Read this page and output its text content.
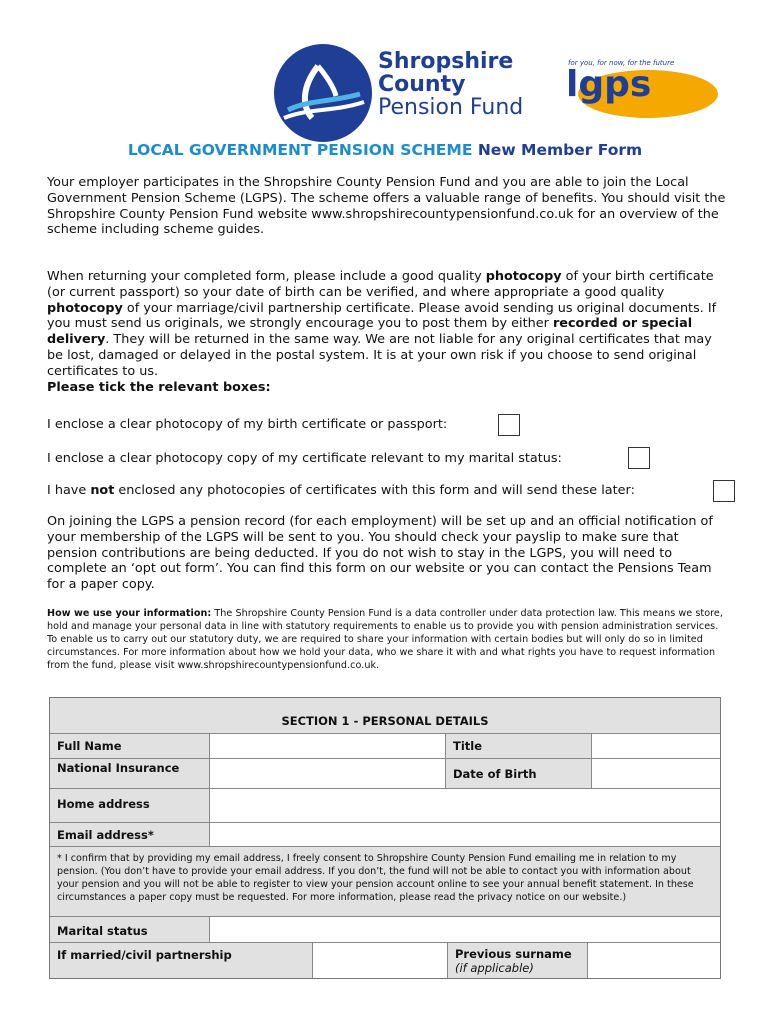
Shropshire
County
Pension Fund
lgps
for you, for now, for the future
LOCAL GOVERNMENT PENSION SCHEME New Member Form
Your employer participates in the Shropshire County Pension Fund and you are able to join the Local Government Pension Scheme (LGPS). The scheme offers a valuable range of benefits. You should visit the Shropshire County Pension Fund website www.shropshirecountypensionfund.co.uk for an overview of the scheme including scheme guides.
When returning your completed form, please include a good quality photocopy of your birth certificate (or current passport) so your date of birth can be verified, and where appropriate a good quality photocopy of your marriage/civil partnership certificate. Please avoid sending us original documents. If you must send us originals, we strongly encourage you to post them by either recorded or special delivery. They will be returned in the same way. We are not liable for any original certificates that may be lost, damaged or delayed in the postal system. It is at your own risk if you choose to send original certificates to us.
Please tick the relevant boxes:
I enclose a clear photocopy of my birth certificate or passport:
I enclose a clear photocopy copy of my certificate relevant to my marital status:
I have not enclosed any photocopies of certificates with this form and will send these later:
On joining the LGPS a pension record (for each employment) will be set up and an official notification of your membership of the LGPS will be sent to you. You should check your payslip to make sure that pension contributions are being deducted. If you do not wish to stay in the LGPS, you will need to complete an ‘opt out form’. You can find this form on our website or you can contact the Pensions Team for a paper copy.
How we use your information: The Shropshire County Pension Fund is a data controller under data protection law. This means we store, hold and manage your personal data in line with statutory requirements to enable us to provide you with pension administration services. To enable us to carry out our statutory duty, we are required to share your information with certain bodies but will only do so in limited circumstances. For more information about how we hold your data, who we share it with and what rights you have to request information from the fund, please visit www.shropshirecountypensionfund.co.uk.
SECTION 1 - PERSONAL DETAILS
Full Name	Title
National Insurance	Date of Birth
Home address
Email address*
* I confirm that by providing my email address, I freely consent to Shropshire County Pension Fund emailing me in relation to my pension. (You don’t have to provide your email address. If you don’t, the fund will not be able to contact you with information about your pension and you will not be able to register to view your pension account online to see your annual benefit statement. In these circumstances a paper copy must be requested. For more information, please read the privacy notice on our website.)
Marital status
If married/civil partnership	Previous surname
(if applicable)
